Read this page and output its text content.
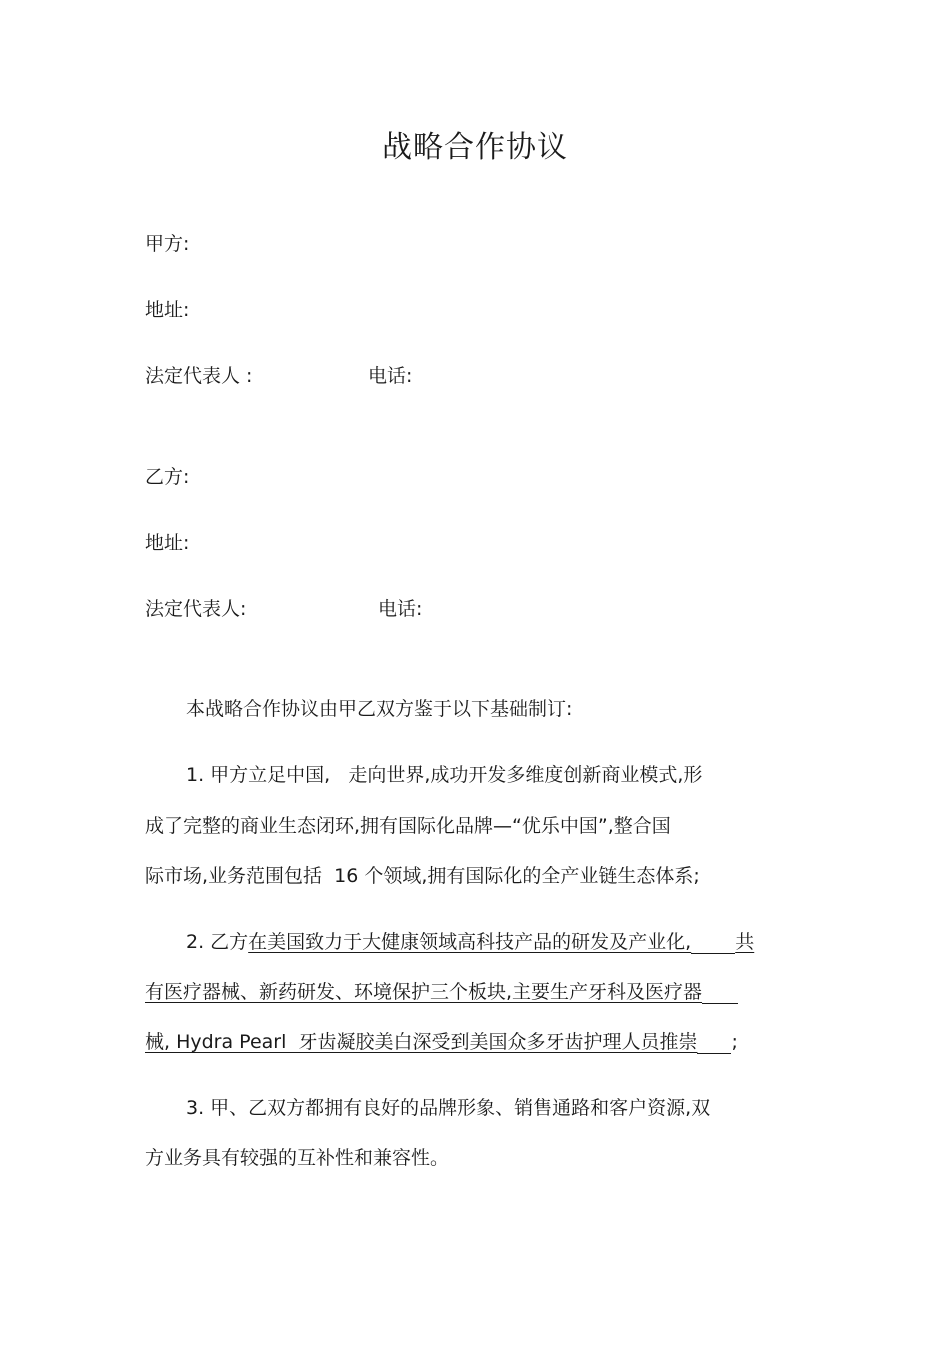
战略合作协议
甲方:
地址:
法定代表人 :	电话:
乙方:
地址:
法定代表人:	电话:
本战略合作协议由甲乙双方鉴于以下基础制订:
1. 甲方立足中国,   走向世界,成功开发多维度创新商业模式,形
成了完整的商业生态闭环,拥有国际化品牌—“优乐中国”,整合国
际市场,业务范围包括  16 个领域,拥有国际化的全产业链生态体系;
2. 乙方在美国致力于大健康领域高科技产品的研发及产业化, 共
有医疗器械、新药研发、环境保护三个板块,主要生产牙科及医疗器
械, Hydra Pearl  牙齿凝胶美白深受到美国众多牙齿护理人员推崇 ;
3. 甲、乙双方都拥有良好的品牌形象、销售通路和客户资源,双
方业务具有较强的互补性和兼容性。
